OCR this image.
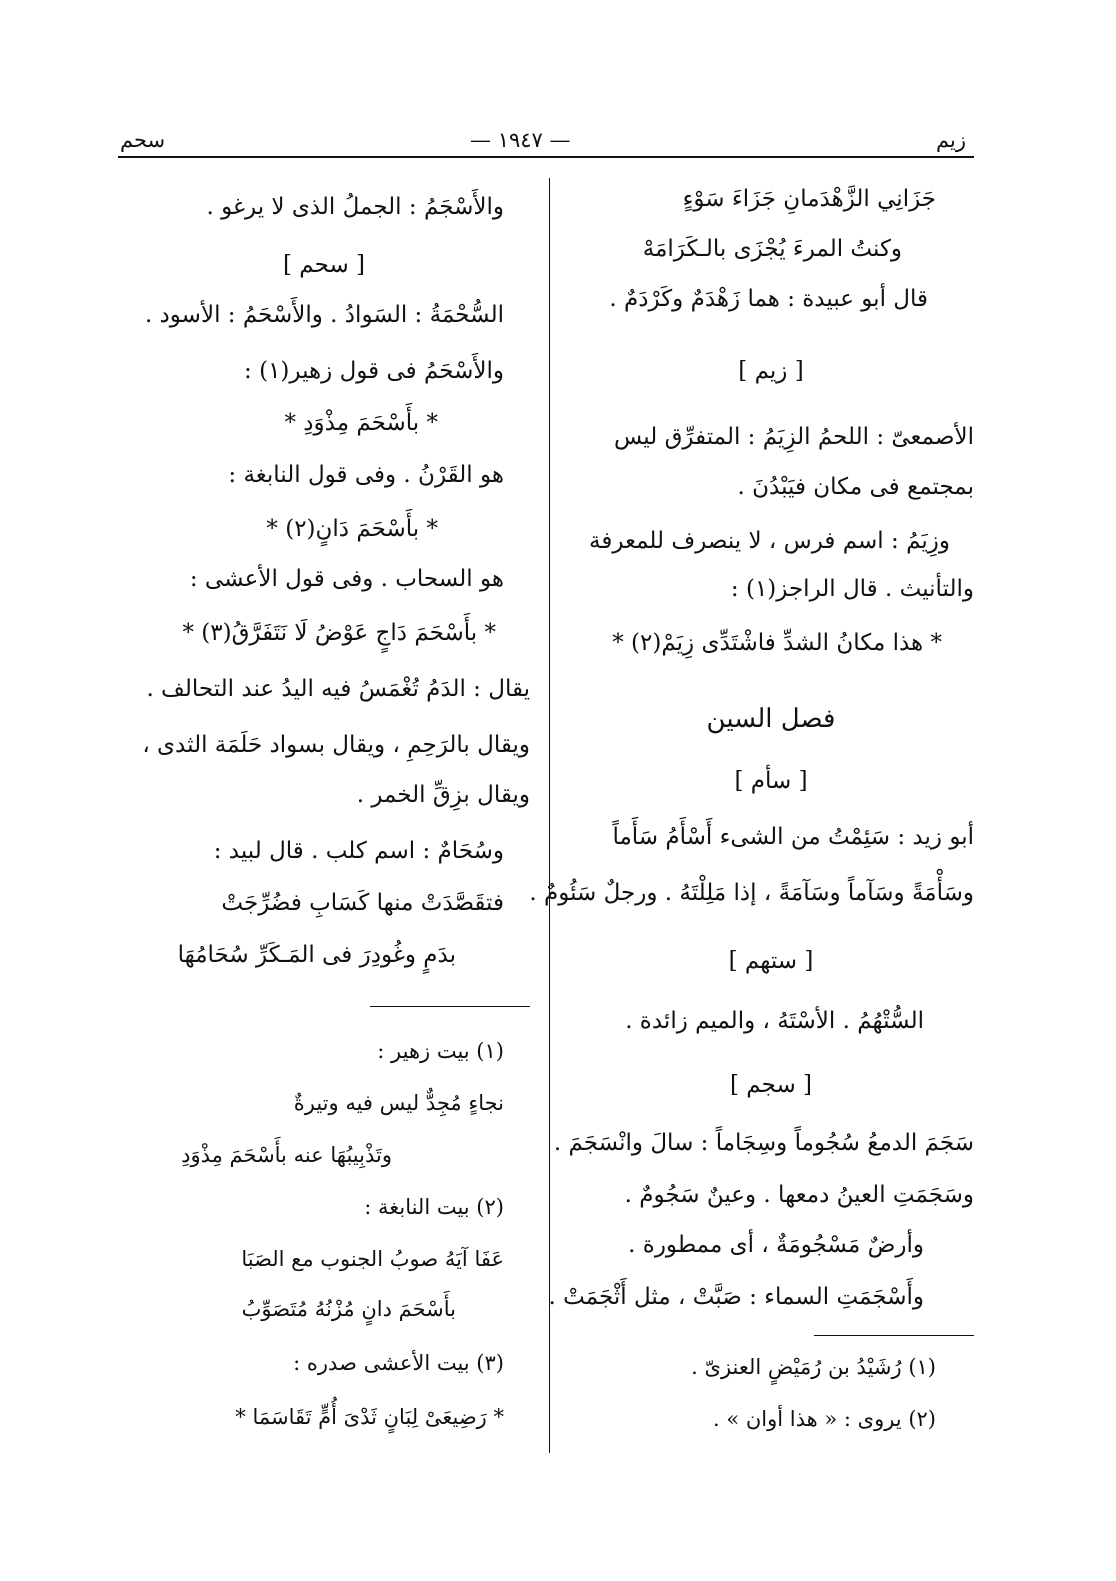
زيم
— ١٩٤٧ —
سحم
جَزَانِي الزَّهْدَمانِ جَزَاءَ سَوْءٍ
وكنتُ المرءَ يُجْزَى بالـكَرَامَهْ
قال أبو عبيدة : هما زَهْدَمٌ وكَرْدَمٌ .
[ زيم ]
الأصمعىّ : اللحمُ الزِيَمُ : المتفرِّق ليس
بمجتمع فى مكان فيَبْدُنَ .
وزِيَمُ : اسم فرس ، لا ينصرف للمعرفة
والتأنيث . قال الراجز(١) :
* هذا مكانُ الشدِّ فاشْتَدِّى زِيَمْ(٢) *
فصل السين
[ سأم ]
أبو زيد : سَئِمْتُ من الشىء أَسْأَمُ سَأَماً
وسَأْمَةً وسَآماً وسَآمَةً ، إذا مَلِلْتَهُ . ورجلٌ سَئُومٌ .
[ ستهم ]
السُّتْهُمُ . الأسْتَهُ ، والميم زائدة .
[ سجم ]
سَجَمَ الدمعُ سُجُوماً وسِجَاماً : سالَ وانْسَجَمَ .
وسَجَمَتِ العينُ دمعها . وعينٌ سَجُومٌ .
وأرضٌ مَسْجُومَةٌ ، أى ممطورة .
وأَسْجَمَتِ السماء : صَبَّتْ ، مثل أَثْجَمَتْ .
(١) رُشَيْدُ بن رُمَيْضٍ العنزىّ .
(٢) يروى : « هذا أوان » .
والأَسْجَمُ : الجملُ الذى لا يرغو .
[ سحم ]
السُّحْمَةُ : السَوادُ . والأَسْحَمُ : الأسود .
والأَسْحَمُ فى قول زهير(١) :
* بأَسْحَمَ مِذْوَدِ *
هو القَرْنُ . وفى قول النابغة :
* بأَسْحَمَ دَانٍ(٢) *
هو السحاب . وفى قول الأعشى :
* بأَسْحَمَ دَاجٍ عَوْضُ لَا نَتَفَرَّقُ(٣) *
يقال : الدَمُ تُغْمَسُ فيه اليدُ عند التحالف .
ويقال بالرَحِمِ ، ويقال بسواد حَلَمَة الثدى ،
ويقال بزِقِّ الخمر .
وسُحَامٌ : اسم كلب . قال لبيد :
فتقَصَّدَتْ منها كَسَابِ فضُرِّجَتْ
بدَمٍ وغُودِرَ فى المَـكَرِّ سُحَامُهَا
(١) بيت زهير :
نجاءٍ مُجِدٌّ ليس فيه وتيرةٌ
وتَذْبِيبُهَا عنه بأَسْحَمَ مِذْوَدِ
(٢) بيت النابغة :
عَفَا آيَهُ صوبُ الجنوب مع الصَبَا
بأَسْحَمَ دانٍ مُزْنُهُ مُتَصَوِّبُ
(٣) بيت الأعشى صدره :
* رَضِيعَىْ لِبَانٍ ثَدْىَ أُمٍّ تَقَاسَمَا *
